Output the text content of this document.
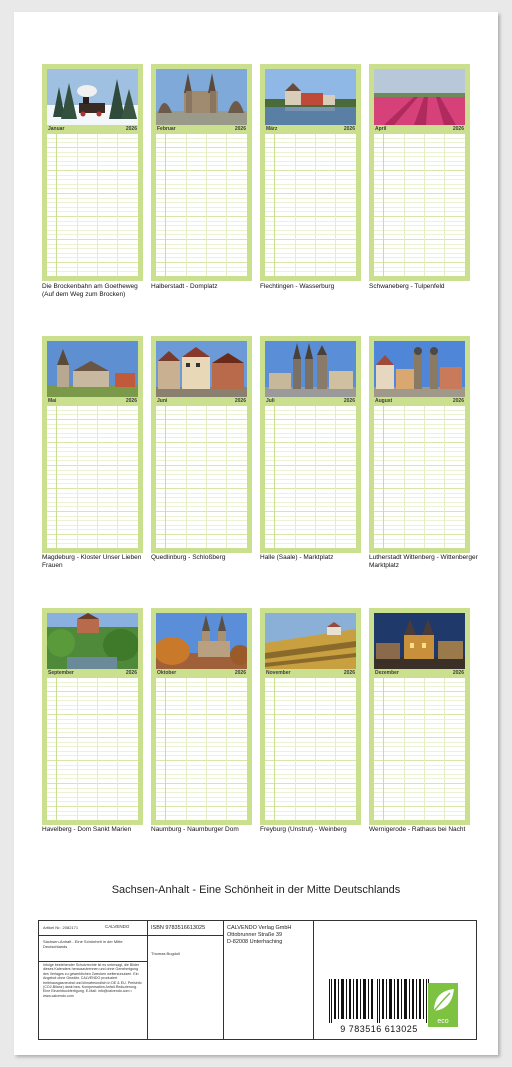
Januar	2026
Die Brockenbahn am Goetheweg (Auf dem Weg zum Brocken)
Februar	2026
Halberstadt - Domplatz
März	2026
Flechtingen - Wasserburg
April	2026
Schwaneberg - Tulpenfeld
Mai	2026
Magdeburg - Kloster Unser Lieben Frauen
Juni	2026
Quedlinburg - Schloßberg
Juli	2026
Halle (Saale) - Marktplatz
August	2026
Lutherstadt Wittenberg - Wittenberger Marktplatz
September	2026
Havelberg - Dom Sankt Marien
Oktober	2026
Naumburg - Naumburger Dom
November	2026
Freyburg (Unstrut) - Weinberg
Dezember	2026
Wernigerode - Rathaus bei Nacht
Sachsen-Anhalt - Eine Schönheit in der Mitte Deutschlands
Artikel Nr.: 2082171	CALVENDO
Sachsen-Anhalt - Eine Schönheit in der Mitte Deutschlands
Infolge bestehender Schutzrechte ist es untersagt, die Bilder dieses Kalenders herauszutrennen und ohne Genehmigung des Verlages zu gewerblichen Zwecken weiterzunutzen. Ein Angebot ohne Gewähr. CALVENDO produziert treibhausgasneutral und klimafreundlich in DE & EU. Preisinfo (CO2-Bilanz) dank bzw. Kompensation Anfall-Reduzierung. Eine Einzeldruckfertigung. E-Mail: info@calvendo.com • www.calvendo.com
ISBN 9783516613025
Thomas Bugdoll
CALVENDO Verlag GmbH
Ottobrunner Straße 39
D-82008 Unterhaching
9 783516 613025
eco
